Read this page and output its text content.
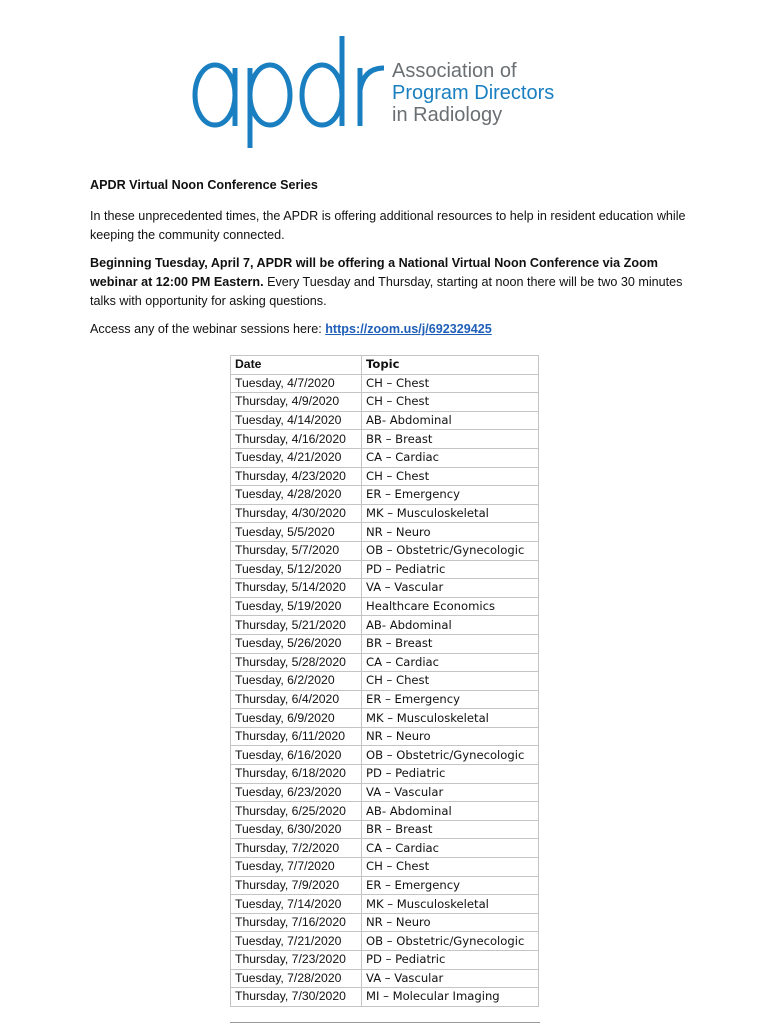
Association of
Program Directors
in Radiology

APDR Virtual Noon Conference Series

In these unprecedented times, the APDR is offering additional resources to help in resident education while keeping the community connected.

Beginning Tuesday, April 7, APDR will be offering a National Virtual Noon Conference via Zoom webinar at 12:00 PM Eastern. Every Tuesday and Thursday, starting at noon there will be two 30 minutes talks with opportunity for asking questions.

Access any of the webinar sessions here: https://zoom.us/j/692329425

Date	Topic
Tuesday, 4/7/2020	CH – Chest
Thursday, 4/9/2020	CH – Chest
Tuesday, 4/14/2020	AB- Abdominal
Thursday, 4/16/2020	BR – Breast
Tuesday, 4/21/2020	CA – Cardiac
Thursday, 4/23/2020	CH – Chest
Tuesday, 4/28/2020	ER – Emergency
Thursday, 4/30/2020	MK – Musculoskeletal
Tuesday, 5/5/2020	NR – Neuro
Thursday, 5/7/2020	OB – Obstetric/Gynecologic
Tuesday, 5/12/2020	PD – Pediatric
Thursday, 5/14/2020	VA – Vascular
Tuesday, 5/19/2020	Healthcare Economics
Thursday, 5/21/2020	AB- Abdominal
Tuesday, 5/26/2020	BR – Breast
Thursday, 5/28/2020	CA – Cardiac
Tuesday, 6/2/2020	CH – Chest
Thursday, 6/4/2020	ER – Emergency
Tuesday, 6/9/2020	MK – Musculoskeletal
Thursday, 6/11/2020	NR – Neuro
Tuesday, 6/16/2020	OB – Obstetric/Gynecologic
Thursday, 6/18/2020	PD – Pediatric
Tuesday, 6/23/2020	VA – Vascular
Thursday, 6/25/2020	AB- Abdominal
Tuesday, 6/30/2020	BR – Breast
Thursday, 7/2/2020	CA – Cardiac
Tuesday, 7/7/2020	CH – Chest
Thursday, 7/9/2020	ER – Emergency
Tuesday, 7/14/2020	MK – Musculoskeletal
Thursday, 7/16/2020	NR – Neuro
Tuesday, 7/21/2020	OB – Obstetric/Gynecologic
Thursday, 7/23/2020	PD – Pediatric
Tuesday, 7/28/2020	VA – Vascular
Thursday, 7/30/2020	MI – Molecular Imaging
